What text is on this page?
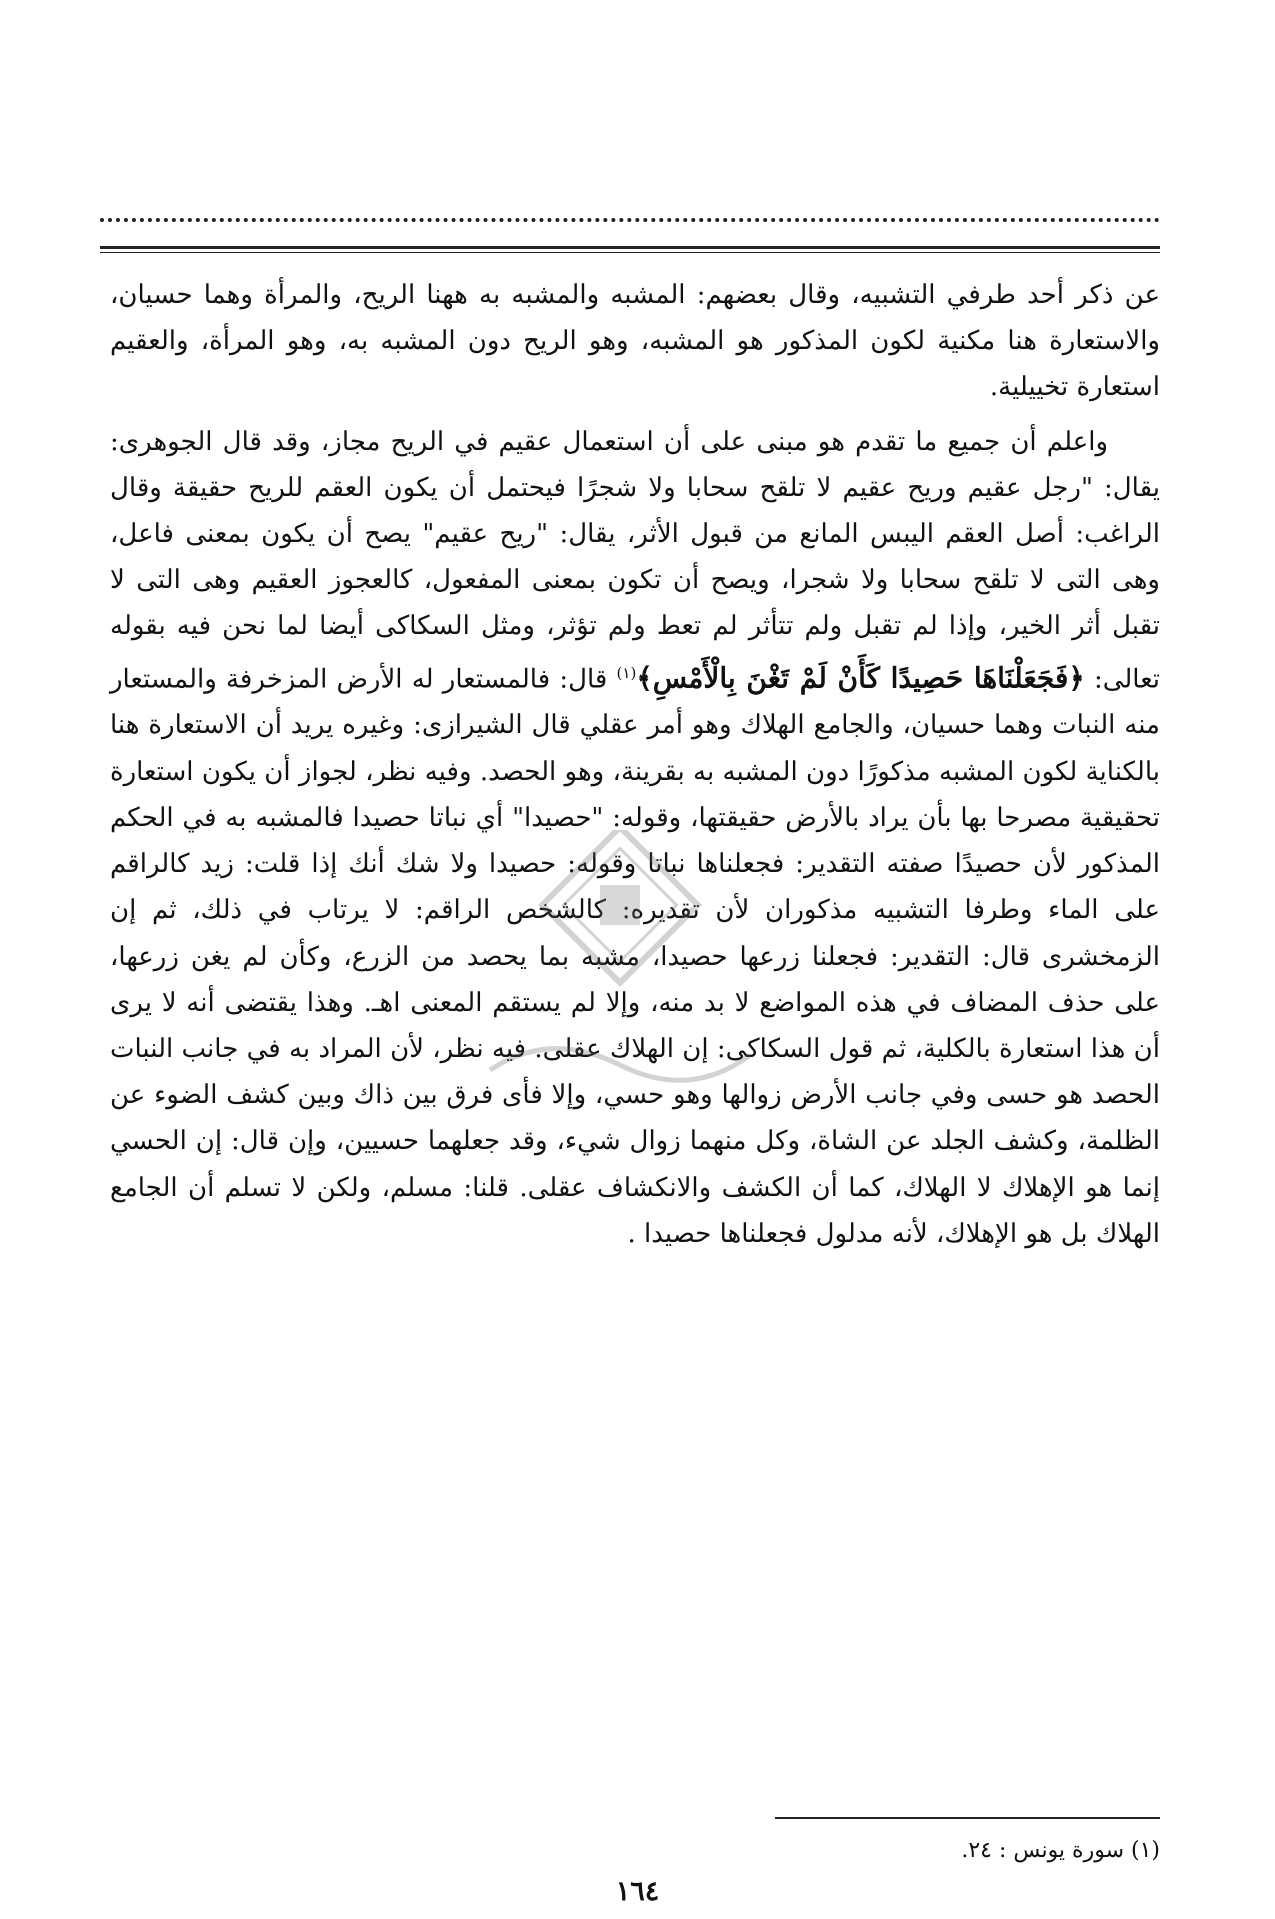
عن ذكر أحد طرفي التشبيه، وقال بعضهم: المشبه والمشبه به ههنا الريح، والمرأة وهما حسيان، والاستعارة هنا مكنية لكون المذكور هو المشبه، وهو الريح دون المشبه به، وهو المرأة، والعقيم استعارة تخييلية.

واعلم أن جميع ما تقدم هو مبنى على أن استعمال عقيم في الريح مجاز، وقد قال الجوهرى: يقال: "رجل عقيم وريح عقيم لا تلقح سحابا ولا شجرًا فيحتمل أن يكون العقم للريح حقيقة وقال الراغب: أصل العقم اليبس المانع من قبول الأثر، يقال: "ريح عقيم" يصح أن يكون بمعنى فاعل، وهى التى لا تلقح سحابا ولا شجرا، ويصح أن تكون بمعنى المفعول، كالعجوز العقيم وهى التى لا تقبل أثر الخير، وإذا لم تقبل ولم تتأثر لم تعط ولم تؤثر، ومثل السكاكى أيضا لما نحن فيه بقوله تعالى: ﴿فَجَعَلْنَاهَا حَصِيدًا كَأَنْ لَمْ تَغْنَ بِالْأَمْسِ﴾$^{(١)}$ قال: فالمستعار له الأرض المزخرفة والمستعار منه النبات وهما حسيان، والجامع الهلاك وهو أمر عقلي قال الشيرازى: وغيره يريد أن الاستعارة هنا بالكناية لكون المشبه مذكورًا دون المشبه به بقرينة، وهو الحصد. وفيه نظر، لجواز أن يكون استعارة تحقيقية مصرحا بها بأن يراد بالأرض حقيقتها، وقوله: "حصيدا" أي نباتا حصيدا فالمشبه به في الحكم المذكور لأن حصيدًا صفته التقدير: فجعلناها نباتا وقوله: حصيدا ولا شك أنك إذا قلت: زيد كالراقم على الماء وطرفا التشبيه مذكوران لأن تقديره: كالشخص الراقم: لا يرتاب في ذلك، ثم إن الزمخشرى قال: التقدير: فجعلنا زرعها حصيدا، مشبه بما يحصد من الزرع، وكأن لم يغن زرعها، على حذف المضاف في هذه المواضع لا بد منه، وإلا لم يستقم المعنى اهـ. وهذا يقتضى أنه لا يرى أن هذا استعارة بالكلية، ثم قول السكاكى: إن الهلاك عقلى. فيه نظر، لأن المراد به في جانب النبات الحصد هو حسى وفي جانب الأرض زوالها وهو حسي، وإلا فأى فرق بين ذاك وبين كشف الضوء عن الظلمة، وكشف الجلد عن الشاة، وكل منهما زوال شيء، وقد جعلهما حسيين، وإن قال: إن الحسي إنما هو الإهلاك لا الهلاك، كما أن الكشف والانكشاف عقلى. قلنا: مسلم، ولكن لا تسلم أن الجامع الهلاك بل هو الإهلاك، لأنه مدلول فجعلناها حصيدا .

(١) سورة يونس : ٢٤.
١٦٤
